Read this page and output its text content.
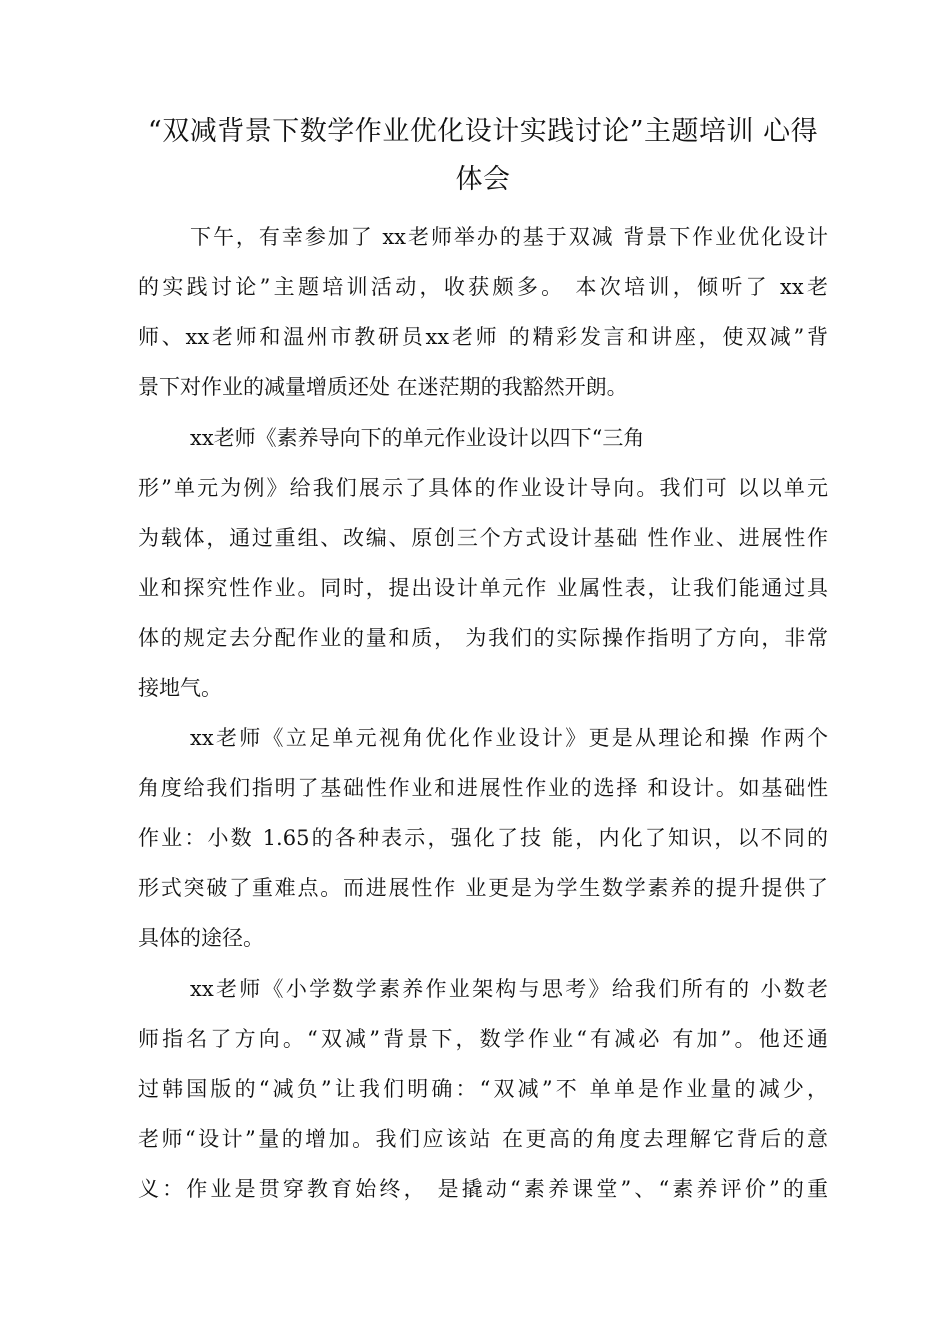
“双减背景下数学作业优化设计实践讨论”主题培训 心得体会
下午，有幸参加了 xx老师举办的基于双减 背景下作业优化设计
的实践讨论”主题培训活动，收获颇多。 本次培训，倾听了 xx老
师、xx老师和温州市教研员xx老师 的精彩发言和讲座，使双减”背
景下对作业的减量增质还处 在迷茫期的我豁然开朗。
xx老师《素养导向下的单元作业设计以四下“三角
形”单元为例》给我们展示了具体的作业设计导向。我们可 以以单元
为载体，通过重组、改编、原创三个方式设计基础 性作业、进展性作
业和探究性作业。同时，提出设计单元作 业属性表，让我们能通过具
体的规定去分配作业的量和质， 为我们的实际操作指明了方向，非常
接地气。
xx老师《立足单元视角优化作业设计》更是从理论和操 作两个
角度给我们指明了基础性作业和进展性作业的选择 和设计。如基础性
作业：小数 1.65的各种表示，强化了技 能，内化了知识，以不同的
形式突破了重难点。而进展性作 业更是为学生数学素养的提升提供了
具体的途径。
xx老师《小学数学素养作业架构与思考》给我们所有的 小数老
师指名了方向。“双减”背景下，数学作业“有减必 有加”。他还通
过韩国版的“减负”让我们明确：“双减”不 单单是作业量的减少，
老师“设计”量的增加。我们应该站 在更高的角度去理解它背后的意
义：作业是贯穿教育始终， 是撬动“素养课堂”、“素养评价”的重
